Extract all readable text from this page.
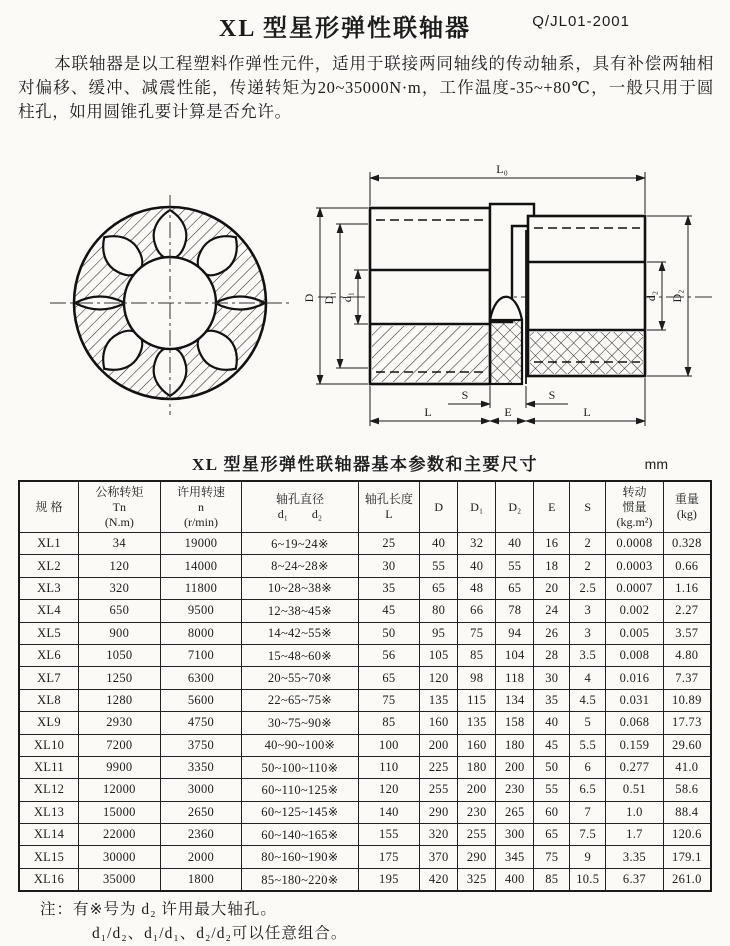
XL 型星形弹性联轴器	Q/JL01-2001

本联轴器是以工程塑料作弹性元件，适用于联接两同轴线的传动轴系，具有补偿两轴相对偏移、缓冲、减震性能，传递转矩为20~35000N·m，工作温度-35~+80℃，一般只用于圆柱孔，如用圆锥孔要计算是否允许。

L₀
D D₁ d₁	d₂ D₂
S	S
L	E	L
XL 型星形弹性联轴器基本参数和主要尺寸	mm
规 格

公称转矩
Tn
(N.m)

许用转速
n
(r/min)

轴孔直径
d₁　　d₂

轴孔长度
L

D	D₁	D₂	E	S

转动
惯量
(kg.m²)

重量
(kg)

XL1	34	19000	6~19~24※	25	40	32	40	16	2	0.0008	0.328
XL2	120	14000	8~24~28※	30	55	40	55	18	2	0.0003	0.66
XL3	320	11800	10~28~38※	35	65	48	65	20	2.5	0.0007	1.16
XL4	650	9500	12~38~45※	45	80	66	78	24	3	0.002	2.27
XL5	900	8000	14~42~55※	50	95	75	94	26	3	0.005	3.57
XL6	1050	7100	15~48~60※	56	105	85	104	28	3.5	0.008	4.80
XL7	1250	6300	20~55~70※	65	120	98	118	30	4	0.016	7.37
XL8	1280	5600	22~65~75※	75	135	115	134	35	4.5	0.031	10.89
XL9	2930	4750	30~75~90※	85	160	135	158	40	5	0.068	17.73
XL10	7200	3750	40~90~100※	100	200	160	180	45	5.5	0.159	29.60
XL11	9900	3350	50~100~110※	110	225	180	200	50	6	0.277	41.0
XL12	12000	3000	60~110~125※	120	255	200	230	55	6.5	0.51	58.6
XL13	15000	2650	60~125~145※	140	290	230	265	60	7	1.0	88.4
XL14	22000	2360	60~140~165※	155	320	255	300	65	7.5	1.7	120.6
XL15	30000	2000	80~160~190※	175	370	290	345	75	9	3.35	179.1
XL16	35000	1800	85~180~220※	195	420	325	400	85	10.5	6.37	261.0
注：有※号为 d₂ 许用最大轴孔。
d₁/d₂、d₁/d₁、d₂/d₂可以任意组合。
